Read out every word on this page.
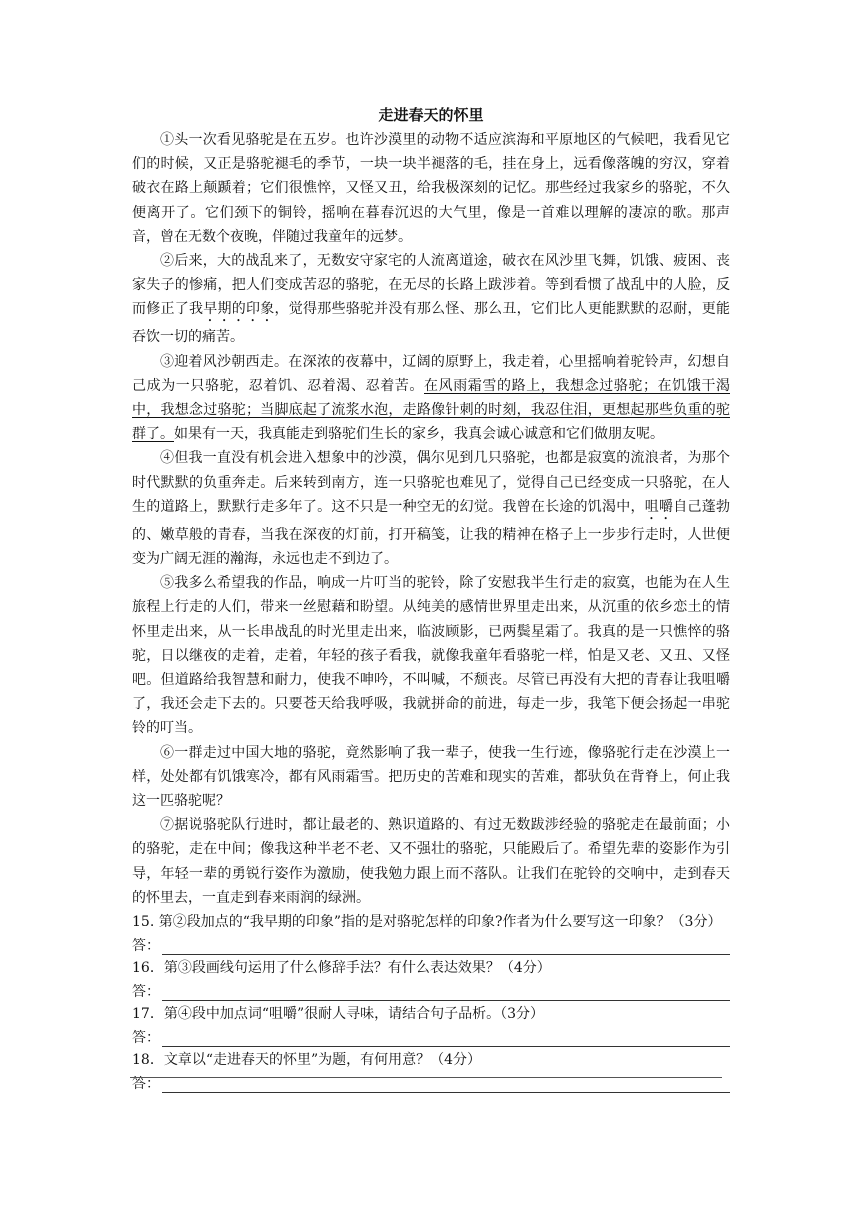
走进春天的怀里

①头一次看见骆驼是在五岁。也许沙漠里的动物不适应滨海和平原地区的气候吧，我看见它们的时候，又正是骆驼褪毛的季节，一块一块半褪落的毛，挂在身上，远看像落魄的穷汉，穿着破衣在路上颠踬着；它们很憔悴，又怪又丑，给我极深刻的记忆。那些经过我家乡的骆驼，不久便离开了。它们颈下的铜铃，摇响在暮春沉迟的大气里，像是一首难以理解的凄凉的歌。那声音，曾在无数个夜晚，伴随过我童年的远梦。

②后来，大的战乱来了，无数安守家宅的人流离道途，破衣在风沙里飞舞，饥饿、疲困、丧家失子的惨痛，把人们变成苦忍的骆驼，在无尽的长路上跋涉着。等到看惯了战乱中的人脸，反而修正了我早期的印象，觉得那些骆驼并没有那么怪、那么丑，它们比人更能默默的忍耐，更能吞饮一切的痛苦。

③迎着风沙朝西走。在深浓的夜幕中，辽阔的原野上，我走着，心里摇响着驼铃声，幻想自己成为一只骆驼，忍着饥、忍着渴、忍着苦。在风雨霜雪的路上，我想念过骆驼；在饥饿干渴中，我想念过骆驼；当脚底起了流浆水泡，走路像针刺的时刻，我忍住泪，更想起那些负重的驼群了。如果有一天，我真能走到骆驼们生长的家乡，我真会诚心诚意和它们做朋友呢。

④但我一直没有机会进入想象中的沙漠，偶尔见到几只骆驼，也都是寂寞的流浪者，为那个时代默默的负重奔走。后来转到南方，连一只骆驼也难见了，觉得自己已经变成一只骆驼，在人生的道路上，默默行走多年了。这不只是一种空无的幻觉。我曾在长途的饥渴中，咀嚼自己蓬勃的、嫩草般的青春，当我在深夜的灯前，打开稿笺，让我的精神在格子上一步步行走时，人世便变为广阔无涯的瀚海，永远也走不到边了。

⑤我多么希望我的作品，响成一片叮当的驼铃，除了安慰我半生行走的寂寞，也能为在人生旅程上行走的人们，带来一丝慰藉和盼望。从纯美的感情世界里走出来，从沉重的依乡恋土的情怀里走出来，从一长串战乱的时光里走出来，临波顾影，已两鬓星霜了。我真的是一只憔悴的骆驼，日以继夜的走着，走着，年轻的孩子看我，就像我童年看骆驼一样，怕是又老、又丑、又怪吧。但道路给我智慧和耐力，使我不呻吟，不叫喊，不颓丧。尽管已再没有大把的青春让我咀嚼了，我还会走下去的。只要苍天给我呼吸，我就拼命的前进，每走一步，我笔下便会扬起一串驼铃的叮当。

⑥一群走过中国大地的骆驼，竟然影响了我一辈子，使我一生行迹，像骆驼行走在沙漠上一样，处处都有饥饿寒冷，都有风雨霜雪。把历史的苦难和现实的苦难，都驮负在背脊上，何止我这一匹骆驼呢？

⑦据说骆驼队行进时，都让最老的、熟识道路的、有过无数跋涉经验的骆驼走在最前面；小的骆驼，走在中间；像我这种半老不老、又不强壮的骆驼，只能殿后了。希望先辈的姿影作为引导，年轻一辈的勇锐行姿作为激励，使我勉力跟上而不落队。让我们在驼铃的交响中，走到春天的怀里去，一直走到春来雨润的绿洲。

15. 第②段加点的“我早期的印象”指的是对骆驼怎样的印象?作者为什么要写这一印象？（3分）

答：

16．第③段画线句运用了什么修辞手法？有什么表达效果？（4分）

答：

17．第④段中加点词“咀嚼”很耐人寻味，请结合句子品析。（3分）

答：

18．文章以“走进春天的怀里”为题，有何用意？（4分）

答：
